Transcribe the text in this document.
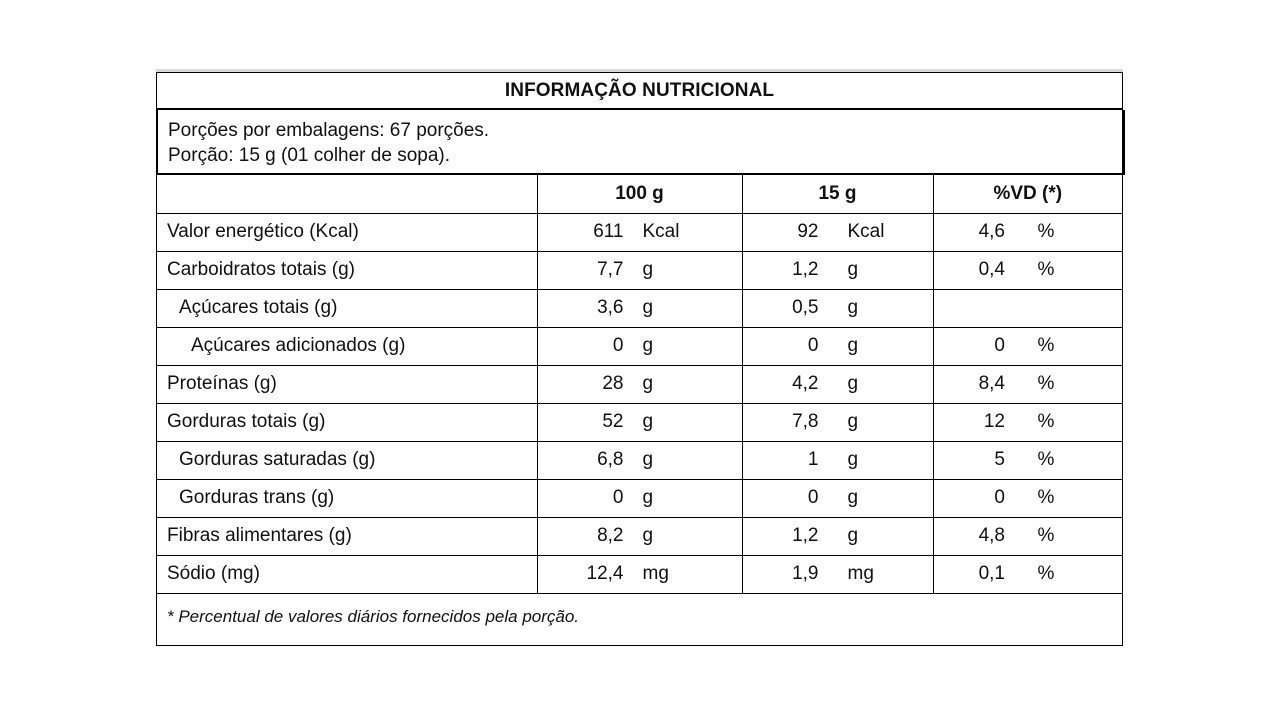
INFORMAÇÃO NUTRICIONAL
Porções por embalagens: 67 porções.
Porção: 15 g (01 colher de sopa).
	100 g	15 g	%VD (*)
Valor energético (Kcal)	611 Kcal	92 Kcal	4,6 %

Carboidratos totais (g)	7,7 g	1,2 g	0,4 %

Açúcares totais (g)	3,6 g	0,5 g	

Açúcares adicionados (g)	0 g	0 g	0 %

Proteínas (g)	28 g	4,2 g	8,4 %

Gorduras totais (g)	52 g	7,8 g	12 %

Gorduras saturadas (g)	6,8 g	1 g	5 %

Gorduras trans (g)	0 g	0 g	0 %

Fibras alimentares (g)	8,2 g	1,2 g	4,8 %

Sódio (mg)	12,4 mg	1,9 mg	0,1 %
* Percentual de valores diários fornecidos pela porção.
